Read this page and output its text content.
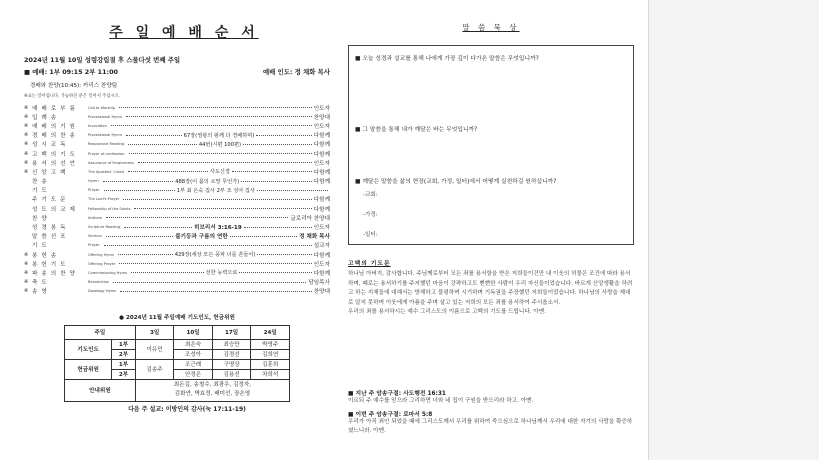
주 일 예 배 순 서
2024년 11월 10일 성령강림절 후 스물다섯 번째 주일
■ 예배: 1부 09:15 2부 11:00	예배 인도: 정 채화 목사
경배와 찬양(10:45): 카리스 찬양팀
※표는 일어섭니다. 가능하신 분은 일어서 주십시오.
※ 예 배 로 부 름	Call to Worship	인도자
※ 입 례 송	Processional Hymn	찬양대
※ 예 배 의 기 원	Invocation	인도자
※ 경 배 의 찬 송	Processional Hymn	67장(영광의 왕께 다 경배하며)	다함께
※ 성 시 교 독	Responsive Reading	44번(시편 100편)	다함께
※ 고 백 의 기 도	Prayer of confession	다함께
※ 용 서 의 선 언	Assurance of Forgiveness	인도자
※ 신 앙 고 백	The Apostles' Creed	사도신경	다함께
찬 송	Hymn	488장(이 몸의 소망 무언가)	다함께
기 도	Prayer	1부 최 은숙 집사 2부 조 성아 집사
주 기 도 문	The Lord's Prayer	다함께
성 도 의 교 제	Fellowship of the Saints	다함께
찬 양	Anthem	글로리아 찬양대
성 경 봉 독	Scripture Reading	히브리서 3:16-19	인도자
말 씀 선 포	Sermon	불기둥과 구름의 연한	정 채화 목사
기 도	Prayer	설교자
※ 봉 헌 송	Offering Hymn	429장(세상 모든 풍파 너를 흔들어)	다함께
※ 봉 헌 기 도	Offering Prayer	인도자
※ 파 송 의 찬 양	Commissioning Hymn	선한 능력으로	다함께
※ 축 도	Benediction	담임목사
※ 송 영	Doxology Hymn	찬양대
● 2024년 11월 주일예배 기도인도, 헌금위원
주일		3일	10일	17일	24일
기도인도	1부	이유민	최은숙	최승만	박영주
	2부		조성아	김경선	김희연
헌금위원	1부	김송주	조근례	구명상	김훈희
	2부		안정은	김용선	차희석
안내위원		최돈길, 송철수, 최광우, 김정자,
김화연, 박효정, 배미선, 장은영			
다음 주 설교: 이방인의 감사(눅 17:11-19)
말 씀 묵 상
■ 오늘 성경과 설교를 통해 나에게 가장 깊이 다가온 말씀은 무엇입니까?
■ 그 말씀을 통해 내가 깨달은 바는 무엇입니까?
■ 깨달은 말씀을 삶의 현장(교회, 가정, 일터)에서 어떻게 실천하길 원하십니까?
-교회:
-가정:
-일터:
고백의 기도문
하나님 아버지, 감사합니다. 주님께로부터 모든 죄를 용서함을 받은 저희들이건만 내 이웃의 허물은 조건에 따라 용서하며, 때로는 용서하기를 주저했던 마음이 강퍅하고도 뻔뻔한 사람이 우리 자신들이었습니다. 바르게 신앙생활을 하려고 하는 지체들에 대해서는 방해하고 불평하며 시기하며 기독권을 주장했던 저희들이었습니다. 하나님의 사랑을 제대로 알지 못하며 이웃에게 아픔을 주며 살고 있는 저희의 모든 죄를 용서하여 주시옵소서.
우리의 죄를 용서하시는 예수 그리스도의 이름으로 고백의 기도를 드립니다. 아멘.
■ 지난 주 암송구절: 사도행전 16:31
이르되 주 예수를 믿으라 그리하면 너와 네 집이 구원을 받으리라 하고. 아멘.
■ 이번 주 암송구절: 로마서 5:8
우리가 아직 죄인 되었을 때에 그리스도께서 우리를 위하여 죽으심으로 하나님께서 우리에 대한 자기의 사랑을 확증하셨느니라. 아멘.
